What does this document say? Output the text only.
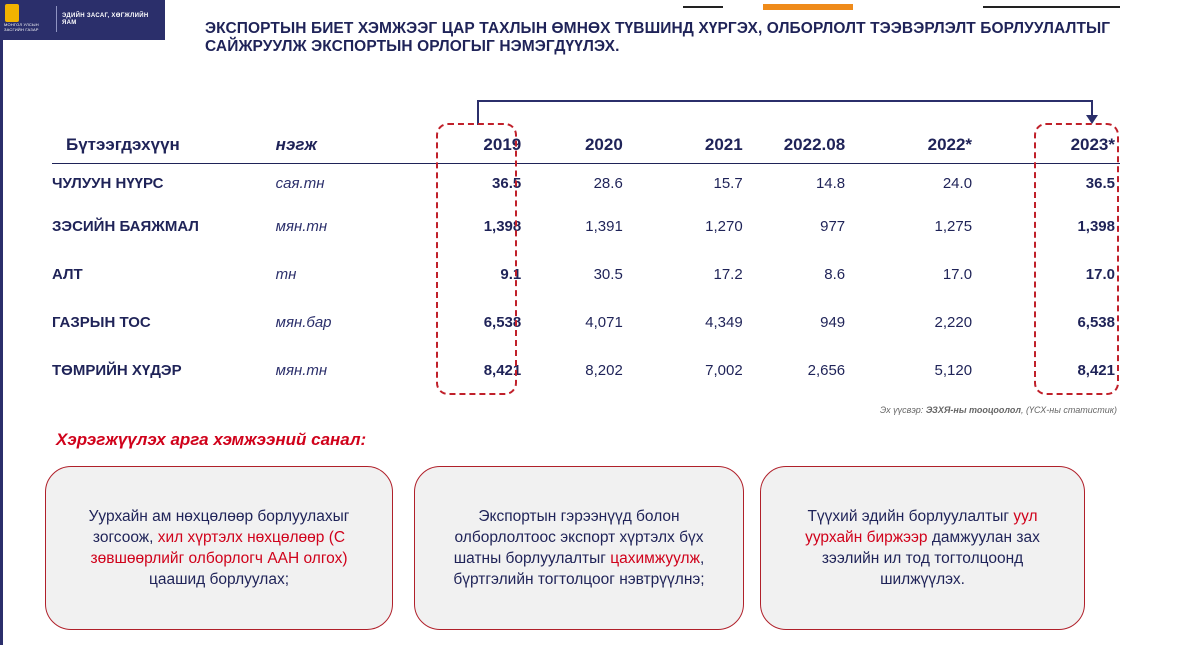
МОНГОЛ УЛСЫН ЗАСГИЙН ГАЗАР
ЭДИЙН ЗАСАГ, ХӨГЖЛИЙН ЯАМ	ЭКСПОРТЫН БИЕТ ХЭМЖЭЭГ ЦАР ТАХЛЫН ӨМНӨХ ТҮВШИНД ХҮРГЭХ, ОЛБОРЛОЛТ ТЭЭВЭРЛЭЛТ БОРЛУУЛАЛТЫГ САЙЖРУУЛЖ ЭКСПОРТЫН ОРЛОГЫГ НЭМЭГДҮҮЛЭХ.
Бүтээгдэхүүн	нэгж	2019	2020	2021	2022.08	2022*	2023*
ЧУЛУУН НҮҮРС	сая.тн	36.5	28.6	15.7	14.8	24.0	36.5
ЗЭСИЙН БАЯЖМАЛ	мян.тн	1,398	1,391	1,270	977	1,275	1,398
АЛТ	тн	9.1	30.5	17.2	8.6	17.0	17.0
ГАЗРЫН ТОС	мян.бар	6,538	4,071	4,349	949	2,220	6,538
ТӨМРИЙН ХҮДЭР	мян.тн	8,421	8,202	7,002	2,656	5,120	8,421
Эх үүсвэр: ЭЗХЯ-ны тооцоолол, (ҮСХ-ны статистик)
Хэрэгжүүлэх арга хэмжээний санал:
Уурхайн ам нөхцөлөөр борлуулахыг зогсоож, хил хүртэлх нөхцөлөөр (С зөвшөөрлийг олборлогч ААН олгох) цаашид борлуулах;
Экспортын гэрээнүүд болон олборлолтоос экспорт хүртэлх бүх шатны борлуулалтыг цахимжуулж, бүртгэлийн тогтолцоог нэвтрүүлнэ;
Түүхий эдийн борлуулалтыг уул уурхайн биржээр дамжуулан зах зээлийн ил тод тогтолцоонд шилжүүлэх.
